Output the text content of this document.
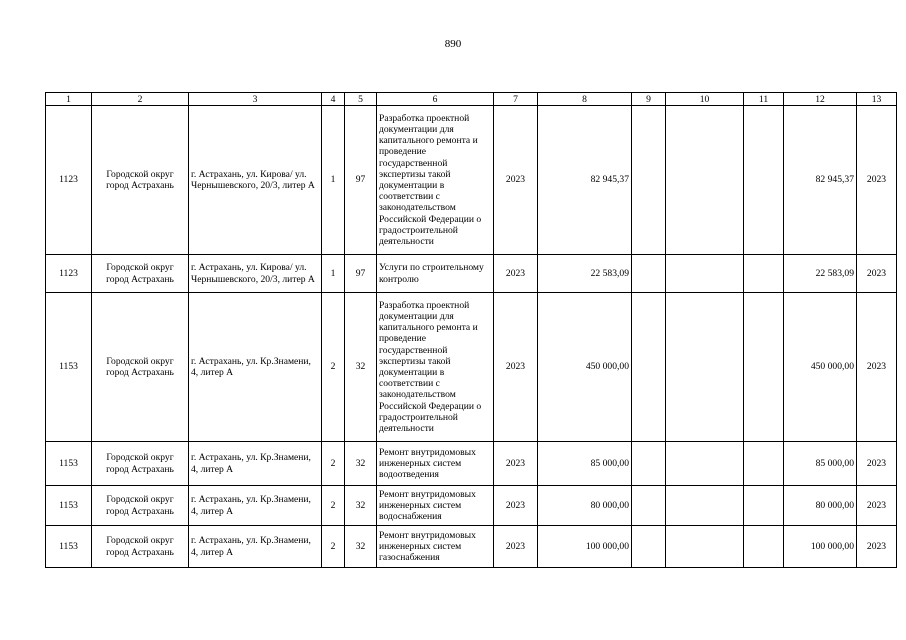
890
1	2	3	4	5	6	7	8	9	10	11	12	13
1123	Городской округ город Астрахань	г. Астрахань, ул. Кирова/ ул. Чернышевского, 20/3, литер А	1	97	Разработка проектной документации для капитального ремонта и проведение государственной экспертизы такой документации в соответствии с законодательством Российской Федерации о градостроительной деятельности	2023	82 945,37				82 945,37	2023
1123	Городской округ город Астрахань	г. Астрахань, ул. Кирова/ ул. Чернышевского, 20/3, литер А	1	97	Услуги по строительному контролю	2023	22 583,09				22 583,09	2023
1153	Городской округ город Астрахань	г. Астрахань, ул. Кр.Знамени, 4, литер А	2	32	Разработка проектной документации для капитального ремонта и проведение государственной экспертизы такой документации в соответствии с законодательством Российской Федерации о градостроительной деятельности	2023	450 000,00				450 000,00	2023
1153	Городской округ город Астрахань	г. Астрахань, ул. Кр.Знамени, 4, литер А	2	32	Ремонт внутридомовых инженерных систем водоотведения	2023	85 000,00				85 000,00	2023
1153	Городской округ город Астрахань	г. Астрахань, ул. Кр.Знамени, 4, литер А	2	32	Ремонт внутридомовых инженерных систем водоснабжения	2023	80 000,00				80 000,00	2023
1153	Городской округ город Астрахань	г. Астрахань, ул. Кр.Знамени, 4, литер А	2	32	Ремонт внутридомовых инженерных систем газоснабжения	2023	100 000,00				100 000,00	2023
